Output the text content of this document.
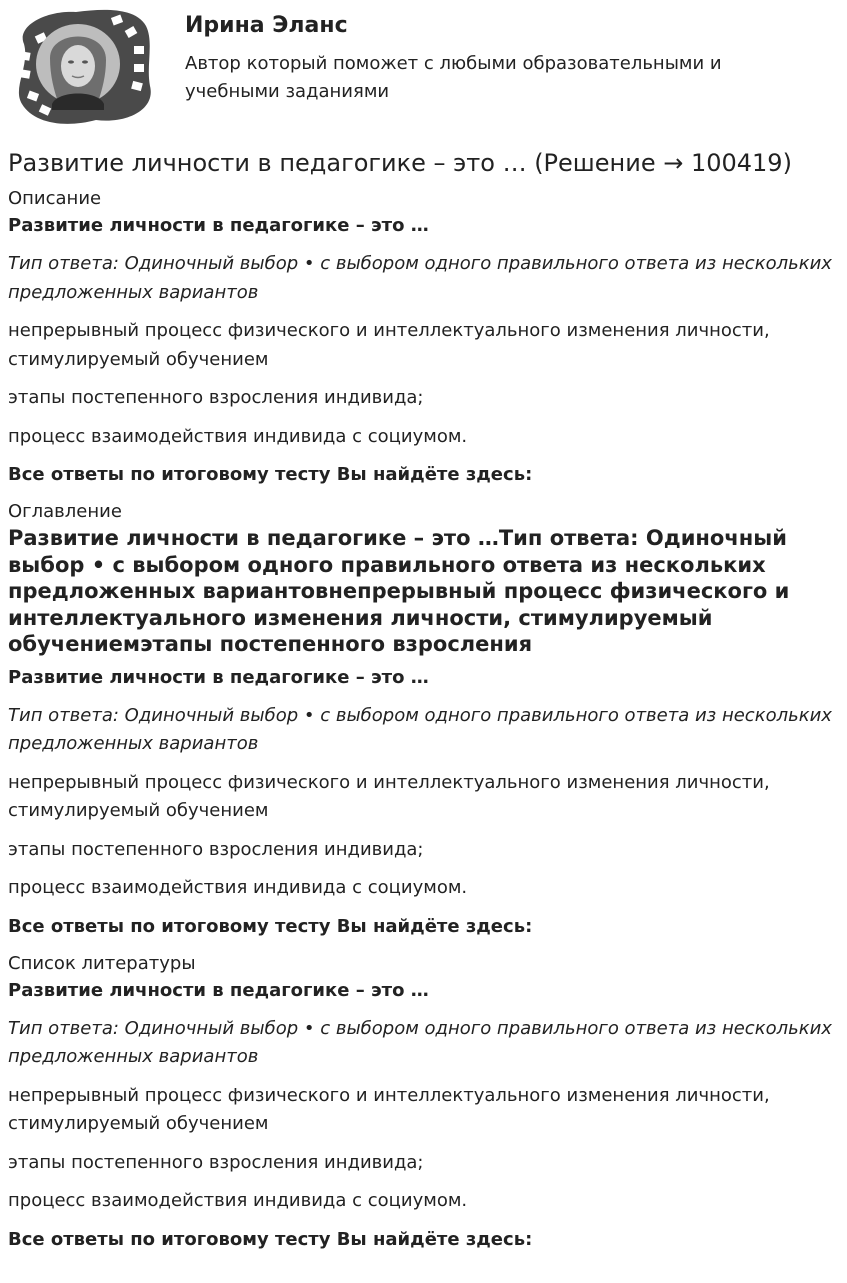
Ирина Эланс

Автор который поможет с любыми образовательными и учебными заданиями

Развитие личности в педагогике – это … (Решение → 100419)

Описание

Развитие личности в педагогике – это …

Тип ответа: Одиночный выбор • с выбором одного правильного ответа из нескольких предложенных вариантов

непрерывный процесс физического и интеллектуального изменения личности, стимулируемый обучением

этапы постепенного взросления индивида;

процесс взаимодействия индивида с социумом.

Все ответы по итоговому тесту Вы найдёте здесь:

Оглавление

Развитие личности в педагогике – это …Тип ответа: Одиночный выбор • с выбором одного правильного ответа из нескольких предложенных вариантовнепрерывный процесс физического и интеллектуального изменения личности, стимулируемый обучениемэтапы постепенного взросления

Развитие личности в педагогике – это …

Тип ответа: Одиночный выбор • с выбором одного правильного ответа из нескольких предложенных вариантов

непрерывный процесс физического и интеллектуального изменения личности, стимулируемый обучением

этапы постепенного взросления индивида;

процесс взаимодействия индивида с социумом.

Все ответы по итоговому тесту Вы найдёте здесь:

Список литературы

Развитие личности в педагогике – это …

Тип ответа: Одиночный выбор • с выбором одного правильного ответа из нескольких предложенных вариантов

непрерывный процесс физического и интеллектуального изменения личности, стимулируемый обучением

этапы постепенного взросления индивида;

процесс взаимодействия индивида с социумом.

Все ответы по итоговому тесту Вы найдёте здесь:
